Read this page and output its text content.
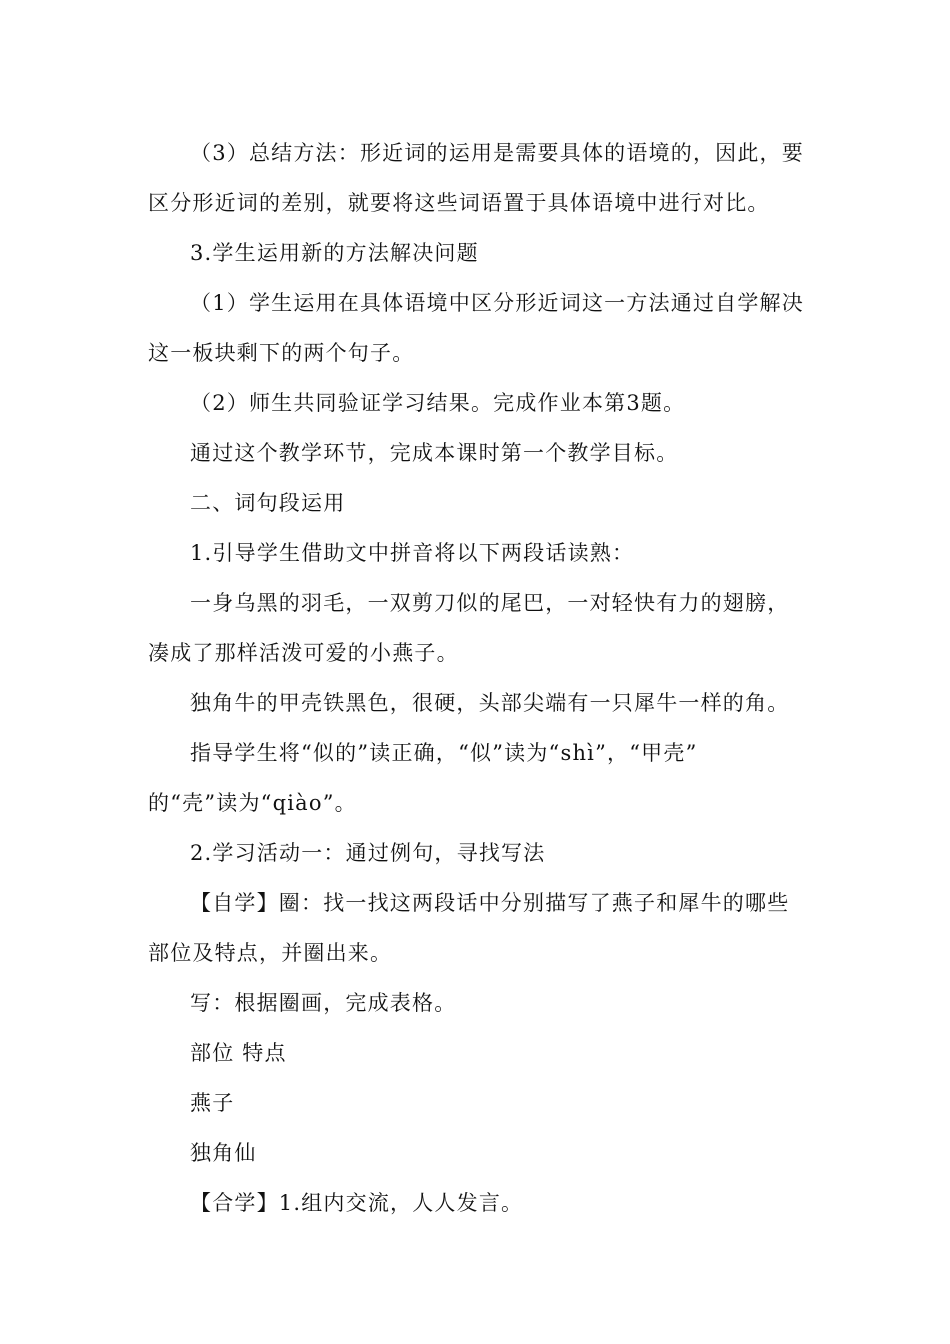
（3）总结方法：形近词的运用是需要具体的语境的，因此，要
区分形近词的差别，就要将这些词语置于具体语境中进行对比。
3.学生运用新的方法解决问题
（1）学生运用在具体语境中区分形近词这一方法通过自学解决
这一板块剩下的两个句子。
（2）师生共同验证学习结果。完成作业本第3题。
通过这个教学环节，完成本课时第一个教学目标。
二、词句段运用
1.引导学生借助文中拼音将以下两段话读熟：
一身乌黑的羽毛，一双剪刀似的尾巴，一对轻快有力的翅膀，
凑成了那样活泼可爱的小燕子。
独角牛的甲壳铁黑色，很硬，头部尖端有一只犀牛一样的角。
指导学生将“似的”读正确，“似”读为“shì”，“甲壳”
的“壳”读为“qiào”。
2.学习活动一：通过例句，寻找写法
【自学】圈：找一找这两段话中分别描写了燕子和犀牛的哪些
部位及特点，并圈出来。
写：根据圈画，完成表格。
部位 特点
燕子
独角仙
【合学】1.组内交流，人人发言。
